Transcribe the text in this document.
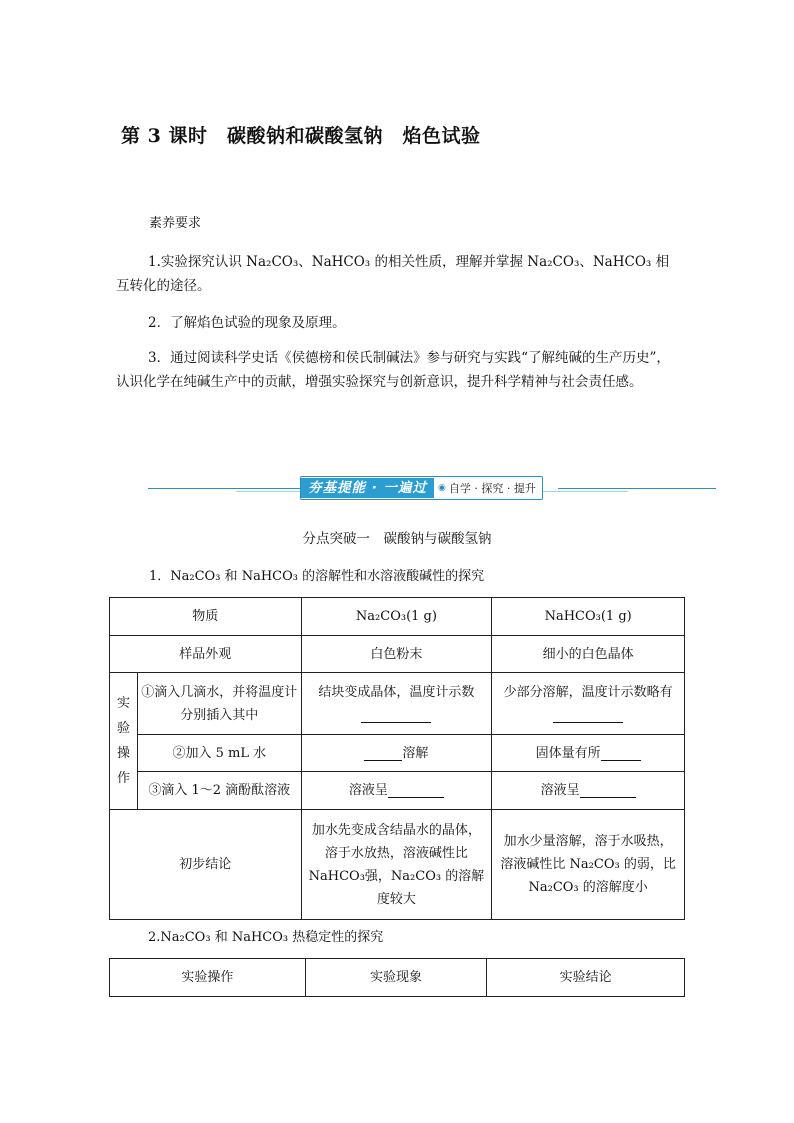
第 3 课时　碳酸钠和碳酸氢钠　焰色试验
素养要求
1.实验探究认识 Na₂CO₃、NaHCO₃ 的相关性质，理解并掌握 Na₂CO₃、NaHCO₃ 相互转化的途径。
2．了解焰色试验的现象及原理。
3．通过阅读科学史话《侯德榜和侯氏制碱法》参与研究与实践“了解纯碱的生产历史”，认识化学在纯碱生产中的贡献，增强实验探究与创新意识，提升科学精神与社会责任感。
夯基提能 · 一遍过	◉ 自学 · 探究 · 提升
分点突破一　碳酸钠与碳酸氢钠
1．Na₂CO₃ 和 NaHCO₃ 的溶解性和水溶液酸碱性的探究
物质		Na₂CO₃(1 g)	NaHCO₃(1 g)
样品外观		白色粉末	细小的白色晶体
实
验
操
作	①滴入几滴水，并将温度计分别插入其中	结块变成晶体，温度计示数	少部分溶解，温度计示数略有

	②加入 5 mL 水	溶解	固体量有所
	③滴入 1～2 滴酚酞溶液	溶液呈	溶液呈
初步结论		加水先变成含结晶水的晶体，溶于水放热，溶液碱性比 NaHCO₃强，Na₂CO₃ 的溶解度较大	加水少量溶解，溶于水吸热，溶液碱性比 Na₂CO₃ 的弱，比 Na₂CO₃ 的溶解度小
2.Na₂CO₃ 和 NaHCO₃ 热稳定性的探究
实验操作	实验现象	实验结论
